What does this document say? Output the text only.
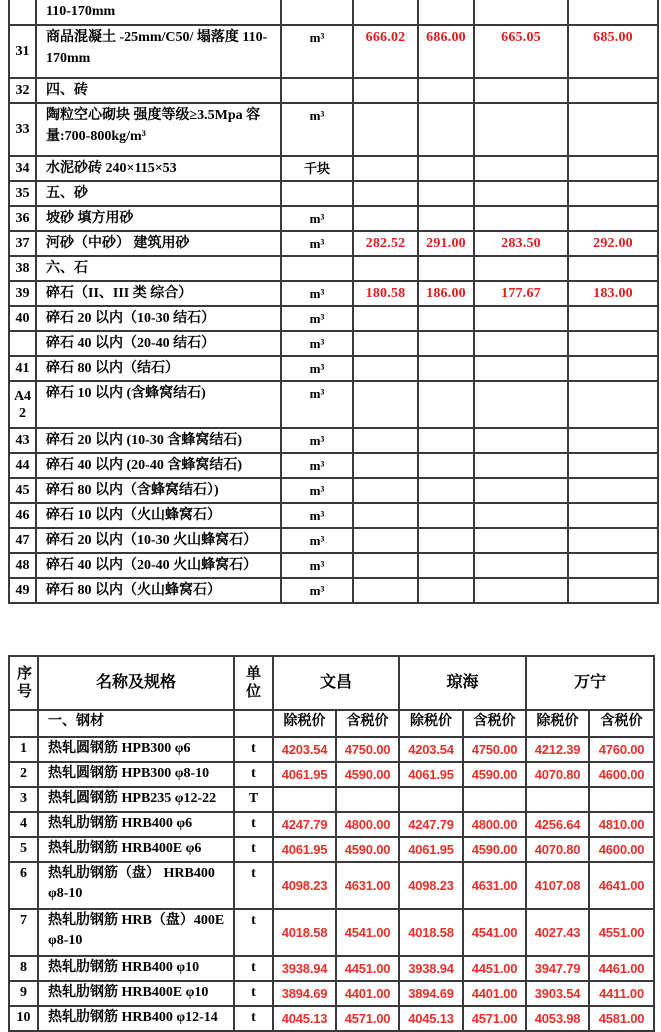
	110-170mm					
31	商品混凝土 -25mm/C50/ 塌落度 110-170mm	m³	666.02	686.00	665.05	685.00
32	四、砖					
33	陶粒空心砌块 强度等级≥3.5Mpa 容量:700-800kg/m³	m³				
34	水泥砂砖 240×115×53	千块				
35	五、砂					
36	坡砂 填方用砂	m³				
37	河砂（中砂） 建筑用砂	m³	282.52	291.00	283.50	292.00
38	六、石					
39	碎石（II、III 类 综合）	m³	180.58	186.00	177.67	183.00
40	碎石 20 以内（10-30 结石）	m³				
	碎石 40 以内（20-40 结石）	m³				
41	碎石 80 以内（结石）	m³				
A42	碎石 10 以内 (含蜂窝结石)	m³				
43	碎石 20 以内 (10-30 含蜂窝结石)	m³				
44	碎石 40 以内 (20-40 含蜂窝结石)	m³				
45	碎石 80 以内（含蜂窝结石）)	m³				
46	碎石 10 以内（火山蜂窝石）	m³				
47	碎石 20 以内（10-30 火山蜂窝石）	m³				
48	碎石 40 以内（20-40 火山蜂窝石）	m³				
49	碎石 80 以内（火山蜂窝石）	m³				
序号	名称及规格	单位	文昌		琼海		万宁	
	一、钢材		除税价	含税价	除税价	含税价	除税价	含税价
1	热轧圆钢筋 HPB300 φ6	t	4203.54	4750.00	4203.54	4750.00	4212.39	4760.00
2	热轧圆钢筋 HPB300 φ8-10	t	4061.95	4590.00	4061.95	4590.00	4070.80	4600.00
3	热轧圆钢筋 HPB235 φ12-22	T						
4	热轧肋钢筋 HRB400 φ6	t	4247.79	4800.00	4247.79	4800.00	4256.64	4810.00
5	热轧肋钢筋 HRB400E φ6	t	4061.95	4590.00	4061.95	4590.00	4070.80	4600.00
6	热轧肋钢筋（盘） HRB400 φ8-10	t	4098.23	4631.00	4098.23	4631.00	4107.08	4641.00
7	热轧肋钢筋 HRB（盘）400E φ8-10	t	4018.58	4541.00	4018.58	4541.00	4027.43	4551.00
8	热轧肋钢筋 HRB400 φ10	t	3938.94	4451.00	3938.94	4451.00	3947.79	4461.00
9	热轧肋钢筋 HRB400E φ10	t	3894.69	4401.00	3894.69	4401.00	3903.54	4411.00
10	热轧肋钢筋 HRB400 φ12-14	t	4045.13	4571.00	4045.13	4571.00	4053.98	4581.00
